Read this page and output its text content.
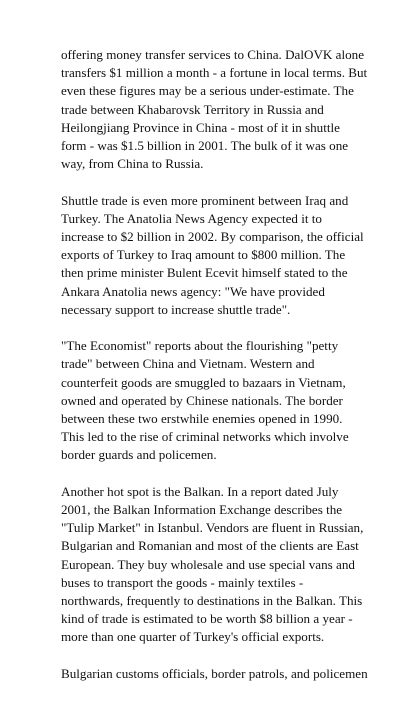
offering money transfer services to China. DalOVK alone
transfers $1 million a month - a fortune in local terms. But
even these figures may be a serious under-estimate. The
trade between Khabarovsk Territory in Russia and
Heilongjiang Province in China - most of it in shuttle
form - was $1.5 billion in 2001. The bulk of it was one
way, from China to Russia.

Shuttle trade is even more prominent between Iraq and
Turkey. The Anatolia News Agency expected it to
increase to $2 billion in 2002. By comparison, the official
exports of Turkey to Iraq amount to $800 million. The
then prime minister Bulent Ecevit himself stated to the
Ankara Anatolia news agency: "We have provided
necessary support to increase shuttle trade".

"The Economist" reports about the flourishing "petty
trade" between China and Vietnam. Western and
counterfeit goods are smuggled to bazaars in Vietnam,
owned and operated by Chinese nationals. The border
between these two erstwhile enemies opened in 1990.
This led to the rise of criminal networks which involve
border guards and policemen.

Another hot spot is the Balkan. In a report dated July
2001, the Balkan Information Exchange describes the
"Tulip Market" in Istanbul. Vendors are fluent in Russian,
Bulgarian and Romanian and most of the clients are East
European. They buy wholesale and use special vans and
buses to transport the goods - mainly textiles -
northwards, frequently to destinations in the Balkan. This
kind of trade is estimated to be worth $8 billion a year -
more than one quarter of Turkey's official exports.

Bulgarian customs officials, border patrols, and policemen
